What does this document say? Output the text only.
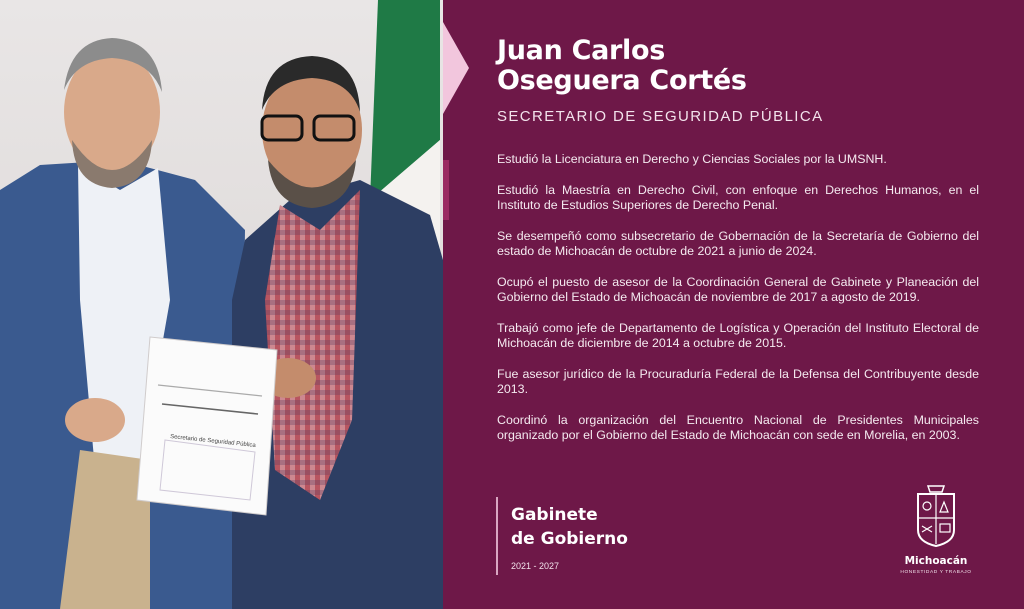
Secretario de Seguridad Pública
Juan Carlos
Oseguera Cortés

SECRETARIO DE SEGURIDAD PÚBLICA

Estudió la Licenciatura en Derecho y Ciencias Sociales por la UMSNH.

Estudió la Maestría en Derecho Civil, con enfoque en Derechos Humanos, en el Instituto de Estudios Superiores de Derecho Penal.

Se desempeñó como subsecretario de Gobernación de la Secretaría de Gobierno del estado de Michoacán de octubre de 2021 a junio de 2024.

Ocupó el puesto de asesor de la Coordinación General de Gabinete y Planeación del Gobierno del Estado de Michoacán de noviembre de 2017 a agosto de 2019.

Trabajó como jefe de Departamento de Logística y Operación del Instituto Electoral de Michoacán de diciembre de 2014 a octubre de 2015.

Fue asesor jurídico de la Procuraduría Federal de la Defensa del Contribuyente desde 2013.

Coordinó la organización del Encuentro Nacional de Presidentes Municipales organizado por el Gobierno del Estado de Michoacán con sede en Morelia, en 2003.

Gabinete
de Gobierno
2021 - 2027	Michoacán
HONESTIDAD Y TRABAJO
